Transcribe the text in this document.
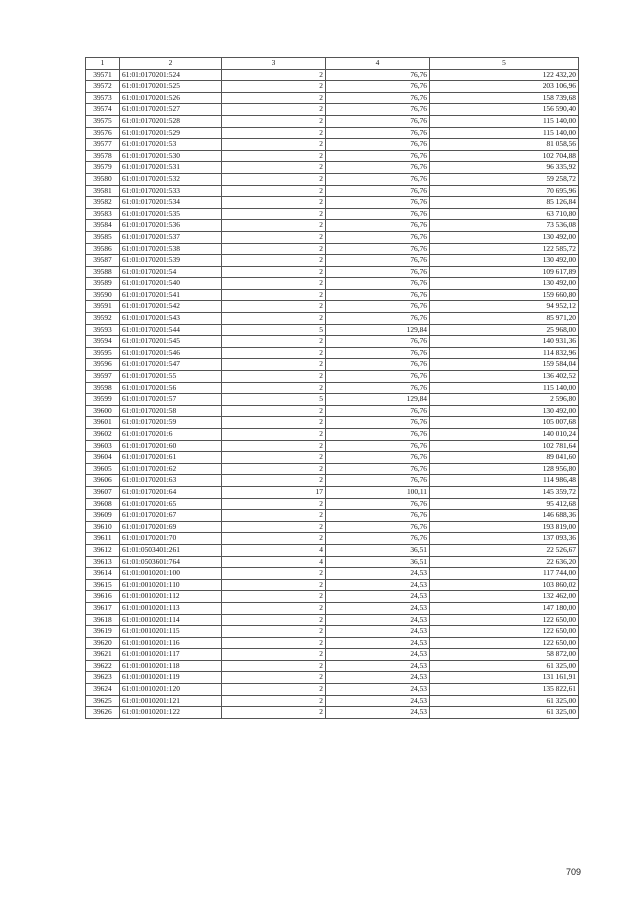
1	2	3	4	5
39571	61:01:0170201:524	2	76,76	122 432,20
39572	61:01:0170201:525	2	76,76	203 106,96
39573	61:01:0170201:526	2	76,76	158 739,68
39574	61:01:0170201:527	2	76,76	156 590,40
39575	61:01:0170201:528	2	76,76	115 140,00
39576	61:01:0170201:529	2	76,76	115 140,00
39577	61:01:0170201:53	2	76,76	81 058,56
39578	61:01:0170201:530	2	76,76	102 704,88
39579	61:01:0170201:531	2	76,76	96 335,92
39580	61:01:0170201:532	2	76,76	59 258,72
39581	61:01:0170201:533	2	76,76	70 695,96
39582	61:01:0170201:534	2	76,76	85 126,84
39583	61:01:0170201:535	2	76,76	63 710,80
39584	61:01:0170201:536	2	76,76	73 536,08
39585	61:01:0170201:537	2	76,76	130 492,00
39586	61:01:0170201:538	2	76,76	122 585,72
39587	61:01:0170201:539	2	76,76	130 492,00
39588	61:01:0170201:54	2	76,76	109 617,89
39589	61:01:0170201:540	2	76,76	130 492,00
39590	61:01:0170201:541	2	76,76	159 660,80
39591	61:01:0170201:542	2	76,76	94 952,12
39592	61:01:0170201:543	2	76,76	85 971,20
39593	61:01:0170201:544	5	129,84	25 968,00
39594	61:01:0170201:545	2	76,76	140 931,36
39595	61:01:0170201:546	2	76,76	114 832,96
39596	61:01:0170201:547	2	76,76	159 584,04
39597	61:01:0170201:55	2	76,76	136 402,52
39598	61:01:0170201:56	2	76,76	115 140,00
39599	61:01:0170201:57	5	129,84	2 596,80
39600	61:01:0170201:58	2	76,76	130 492,00
39601	61:01:0170201:59	2	76,76	105 007,68
39602	61:01:0170201:6	2	76,76	140 010,24
39603	61:01:0170201:60	2	76,76	102 781,64
39604	61:01:0170201:61	2	76,76	89 041,60
39605	61:01:0170201:62	2	76,76	128 956,80
39606	61:01:0170201:63	2	76,76	114 986,48
39607	61:01:0170201:64	17	100,11	145 359,72
39608	61:01:0170201:65	2	76,76	95 412,68
39609	61:01:0170201:67	2	76,76	146 688,36
39610	61:01:0170201:69	2	76,76	193 819,00
39611	61:01:0170201:70	2	76,76	137 093,36
39612	61:01:0503401:261	4	36,51	22 526,67
39613	61:01:0503601:764	4	36,51	22 636,20
39614	61:01:0010201:100	2	24,53	117 744,00
39615	61:01:0010201:110	2	24,53	103 860,02
39616	61:01:0010201:112	2	24,53	132 462,00
39617	61:01:0010201:113	2	24,53	147 180,00
39618	61:01:0010201:114	2	24,53	122 650,00
39619	61:01:0010201:115	2	24,53	122 650,00
39620	61:01:0010201:116	2	24,53	122 650,00
39621	61:01:0010201:117	2	24,53	58 872,00
39622	61:01:0010201:118	2	24,53	61 325,00
39623	61:01:0010201:119	2	24,53	131 161,91
39624	61:01:0010201:120	2	24,53	135 822,61
39625	61:01:0010201:121	2	24,53	61 325,00
39626	61:01:0010201:122	2	24,53	61 325,00
709
